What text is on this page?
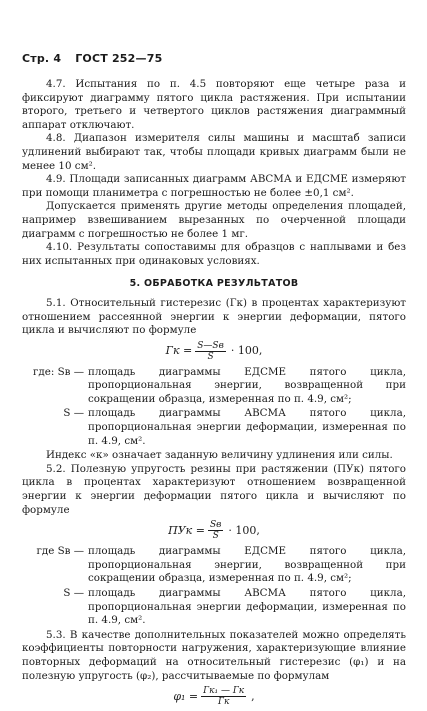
Стр. 4 ГОСТ 252—75

4.7. Испытания по п. 4.5 повторяют еще четыре раза и фиксируют диаграмму пятого цикла растяжения. При испытании второго, третьего и четвертого циклов растяжения диаграммный аппарат отключают.

4.8. Диапазон измерителя силы машины и масштаб записи удлинений выбирают так, чтобы площади кривых диаграмм были не менее 10 см².

4.9. Площади записанных диаграмм АВСМА и ЕДСМЕ измеряют при помощи планиметра с погрешностью не более ±0,1 см².

Допускается применять другие методы определения площадей, например взвешиванием вырезанных по очерченной площади диаграмм с погрешностью не более 1 мг.

4.10. Результаты сопоставимы для образцов с наплывами и без них испытанных при одинаковых условиях.

5. ОБРАБОТКА РЕЗУЛЬТАТОВ

5.1. Относительный гистерезис (Гк) в процентах характеризуют отношением рассеянной энергии к энергии деформации, пятого цикла и вычисляют по формуле

Гк = $\frac{S—Sв}{S} \cdot 100$,
где: Sв — площадь диаграммы ЕДСМЕ пятого цикла, пропорциональная энергии, возвращенной при сокращении образца, измеренная по п. 4.9, см²;
S — площадь диаграммы АВСМА пятого цикла, пропорциональная энергии деформации, измеренная по п. 4.9, см².

Индекс «к» означает заданную величину удлинения или силы.

5.2. Полезную упругость резины при растяжении (ПУк) пятого цикла в процентах характеризуют отношением возвращенной энергии к энергии деформации пятого цикла и вычисляют по формуле

ПУк = $\frac{Sв}{S} \cdot 100$,
где Sв — площадь диаграммы ЕДСМЕ пятого цикла, пропорциональная энергии, возвращенной при сокращении образца, измеренная по п. 4.9, см²;
S — площадь диаграммы АВСМА пятого цикла, пропорциональная энергии деформации, измеренная по п. 4.9, см².

5.3. В качестве дополнительных показателей можно определять коэффициенты повторности нагружения, характеризующие влияние повторных деформаций на относительный гистерезис (φ₁) и на полезную упругость (φ₂), рассчитываемые по формулам

$\varphi_1 = \frac{\text{Гк₁ — Гк}}{Гк}$ ,
